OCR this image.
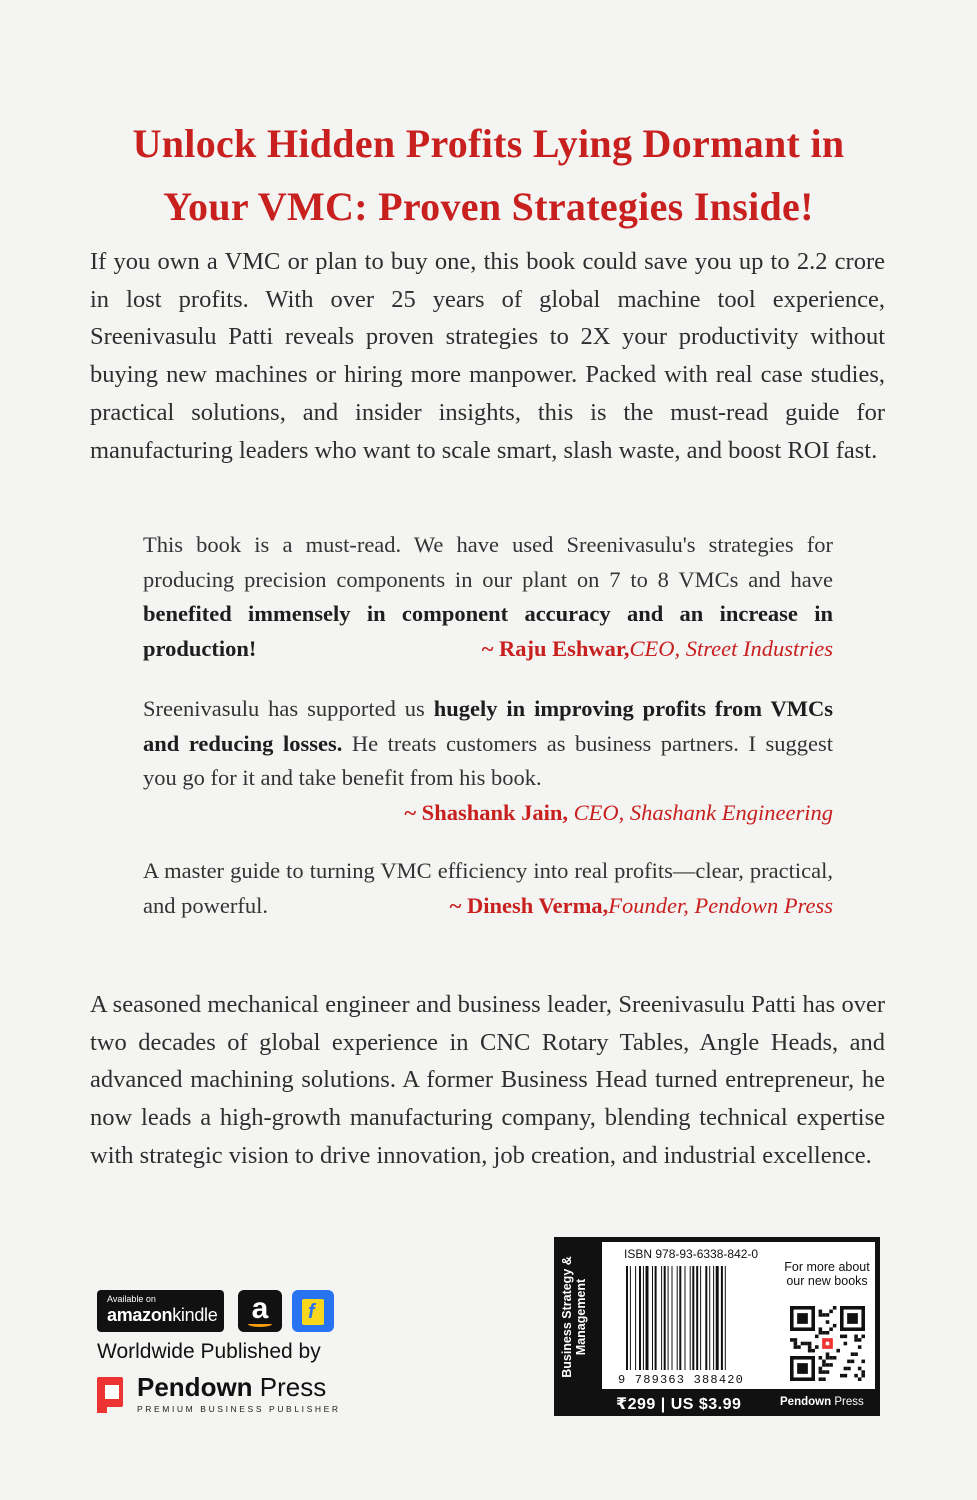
Unlock Hidden Profits Lying Dormant in
Your VMC: Proven Strategies Inside!

If you own a VMC or plan to buy one, this book could save you up to 2.2 crore in lost profits. With over 25 years of global machine tool experience, Sreenivasulu Patti reveals proven strategies to 2X your productivity without buying new machines or hiring more manpower. Packed with real case studies, practical solutions, and insider insights, this is the must-read guide for manufacturing leaders who want to scale smart, slash waste, and boost ROI fast.

This book is a must-read. We have used Sreenivasulu's strategies for producing precision components in our plant on 7 to 8 VMCs and have benefited immensely in component accuracy and an increase in production!	~ Raju Eshwar,CEO, Street Industries
Sreenivasulu has supported us hugely in improving profits from VMCs and reducing losses. He treats customers as business partners. I suggest you go for it and take benefit from his book.
~ Shashank Jain, CEO, Shashank Engineering
A master guide to turning VMC efficiency into real profits—clear, practical, and powerful.	~ Dinesh Verma,Founder, Pendown Press

A seasoned mechanical engineer and business leader, Sreenivasulu Patti has over two decades of global experience in CNC Rotary Tables, Angle Heads, and advanced machining solutions. A former Business Head turned entrepreneur, he now leads a high-growth manufacturing company, blending technical expertise with strategic vision to drive innovation, job creation, and industrial excellence.

Available on
amazonkindle	a	f
Worldwide Published by
Pendown Press
PREMIUM BUSINESS PUBLISHER
Business Strategy & Management
ISBN 978-93-6338-842-0
9 789363 388420
For more about our new books
₹299 | US $3.99	Pendown Press
